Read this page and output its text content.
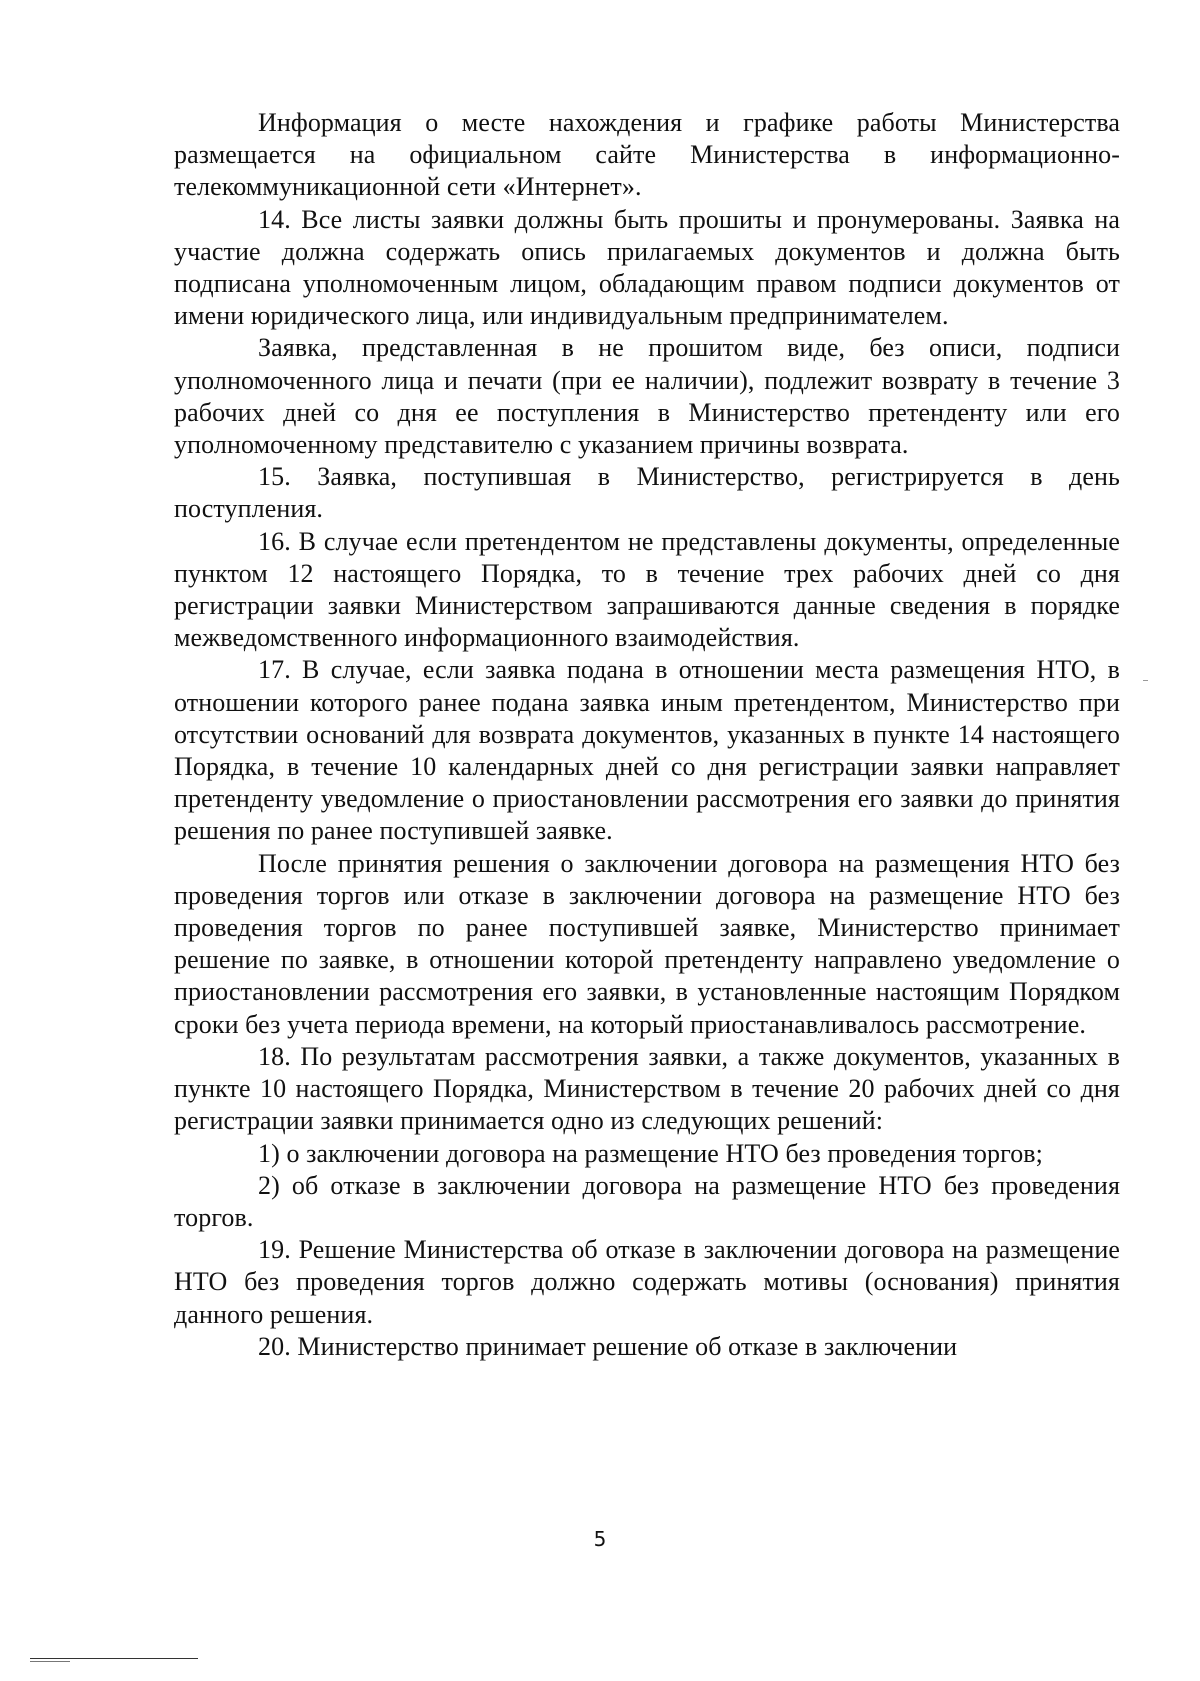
Информация о месте нахождения и графике работы Министерства размещается на официальном сайте Министерства в информационно-телекоммуникационной сети «Интернет».

14. Все листы заявки должны быть прошиты и пронумерованы. Заявка на участие должна содержать опись прилагаемых документов и должна быть подписана уполномоченным лицом, обладающим правом подписи документов от имени юридического лица, или индивидуальным предпринимателем.

Заявка, представленная в не прошитом виде, без описи, подписи уполномоченного лица и печати (при ее наличии), подлежит возврату в течение 3 рабочих дней со дня ее поступления в Министерство претенденту или его уполномоченному представителю с указанием причины возврата.

15. Заявка, поступившая в Министерство, регистрируется в день поступления.

16. В случае если претендентом не представлены документы, определенные пунктом 12 настоящего Порядка, то в течение трех рабочих дней со дня регистрации заявки Министерством запрашиваются данные сведения в порядке межведомственного информационного взаимодействия.

17. В случае, если заявка подана в отношении места размещения НТО, в отношении которого ранее подана заявка иным претендентом, Министерство при отсутствии оснований для возврата документов, указанных в пункте 14 настоящего Порядка, в течение 10 календарных дней со дня регистрации заявки направляет претенденту уведомление о приостановлении рассмотрения его заявки до принятия решения по ранее поступившей заявке.

После принятия решения о заключении договора на размещения НТО без проведения торгов или отказе в заключении договора на размещение НТО без проведения торгов по ранее поступившей заявке, Министерство принимает решение по заявке, в отношении которой претенденту направлено уведомление о приостановлении рассмотрения его заявки, в установленные настоящим Порядком сроки без учета периода времени, на который приостанавливалось рассмотрение.

18. По результатам рассмотрения заявки, а также документов, указанных в пункте 10 настоящего Порядка, Министерством в течение 20 рабочих дней со дня регистрации заявки принимается одно из следующих решений:

1) о заключении договора на размещение НТО без проведения торгов;

2) об отказе в заключении договора на размещение НТО без проведения торгов.

19. Решение Министерства об отказе в заключении договора на размещение НТО без проведения торгов должно содержать мотивы (основания) принятия данного решения.

20. Министерство принимает решение об отказе в заключении

5
